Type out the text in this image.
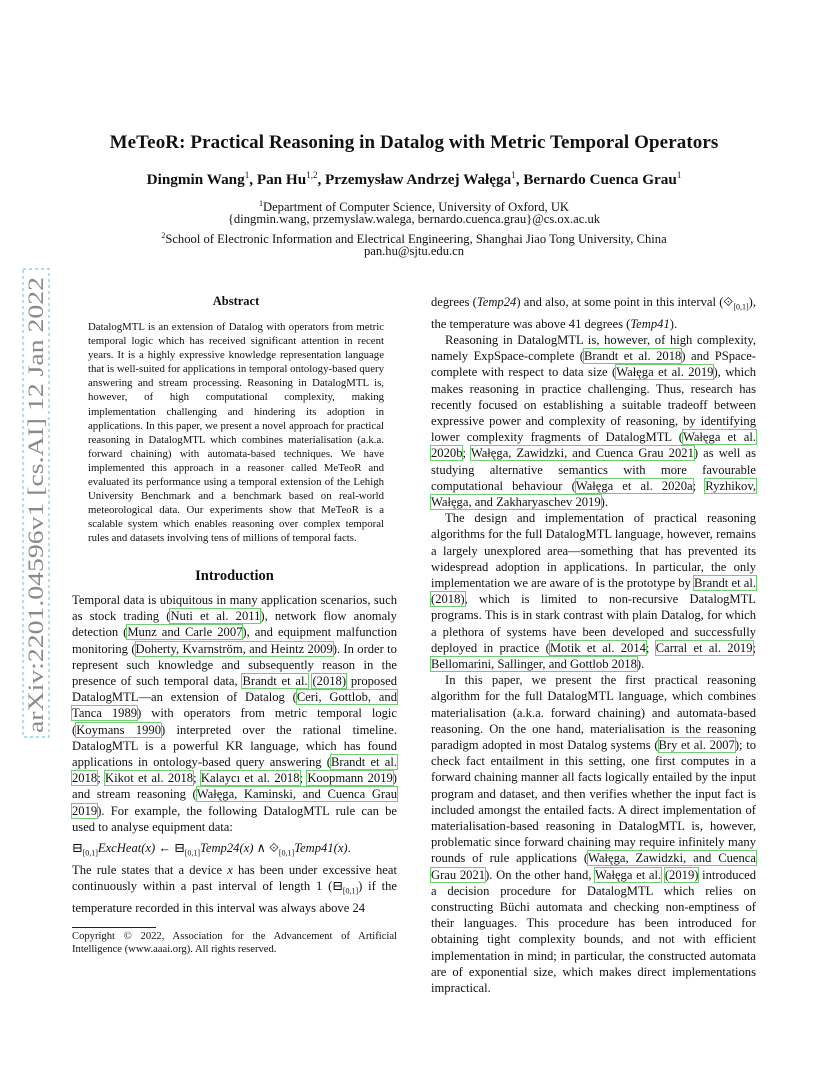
arXiv:2201.04596v1 [cs.AI] 12 Jan 2022
MeTeoR: Practical Reasoning in Datalog with Metric Temporal Operators
Dingmin Wang$^1$, Pan Hu$^{1,2}$, Przemysław Andrzej Wałęga$^1$, Bernardo Cuenca Grau$^1$
$^1$Department of Computer Science, University of Oxford, UK
{dingmin.wang, przemyslaw.walega, bernardo.cuenca.grau}@cs.ox.ac.uk
$^2$School of Electronic Information and Electrical Engineering, Shanghai Jiao Tong University, China
pan.hu@sjtu.edu.cn
Abstract
DatalogMTL is an extension of Datalog with operators from metric temporal logic which has received significant attention in recent years. It is a highly expressive knowledge representation language that is well-suited for applications in temporal ontology-based query answering and stream processing. Reasoning in DatalogMTL is, however, of high computational complexity, making implementation challenging and hindering its adoption in applications. In this paper, we present a novel approach for practical reasoning in DatalogMTL which combines materialisation (a.k.a. forward chaining) with automata-based techniques. We have implemented this approach in a reasoner called MeTeoR and evaluated its performance using a temporal extension of the Lehigh University Benchmark and a benchmark based on real-world meteorological data. Our experiments show that MeTeoR is a scalable system which enables reasoning over complex temporal rules and datasets involving tens of millions of temporal facts.
Introduction

Temporal data is ubiquitous in many application scenarios, such as stock trading (Nuti et al. 2011), network flow anomaly detection (Munz and Carle 2007), and equipment malfunction monitoring (Doherty, Kvarnström, and Heintz 2009). In order to represent such knowledge and subsequently reason in the presence of such temporal data, Brandt et al. (2018) proposed DatalogMTL—an extension of Datalog (Ceri, Gottlob, and Tanca 1989) with operators from metric temporal logic (Koymans 1990) interpreted over the rational timeline. DatalogMTL is a powerful KR language, which has found applications in ontology-based query answering (Brandt et al. 2018; Kikot et al. 2018; Kalaycı et al. 2018; Koopmann 2019) and stream reasoning (Wałęga, Kaminski, and Cuenca Grau 2019). For example, the following DatalogMTL rule can be used to analyse equipment data:

$⊟_{[0,1]}ExcHeat(x)$ ← $⊟_{[0,1]}Temp24(x)$ ∧ $⟐_{[0,1]}Temp41(x)$.

The rule states that a device x has been under excessive heat continuously within a past interval of length 1 $(⊟_{[0,1]})$ if the temperature recorded in this interval was always above 24

Copyright © 2022, Association for the Advancement of Artificial Intelligence (www.aaai.org). All rights reserved.

degrees (Temp24) and also, at some point in this interval $(⟐_{[0,1]})$, the temperature was above 41 degrees (Temp41).

Reasoning in DatalogMTL is, however, of high complexity, namely ExpSpace-complete (Brandt et al. 2018) and PSpace-complete with respect to data size (Wałęga et al. 2019), which makes reasoning in practice challenging. Thus, research has recently focused on establishing a suitable tradeoff between expressive power and complexity of reasoning, by identifying lower complexity fragments of DatalogMTL (Wałęga et al. 2020b; Wałęga, Zawidzki, and Cuenca Grau 2021) as well as studying alternative semantics with more favourable computational behaviour (Wałęga et al. 2020a; Ryzhikov, Wałęga, and Zakharyaschev 2019).

The design and implementation of practical reasoning algorithms for the full DatalogMTL language, however, remains a largely unexplored area—something that has prevented its widespread adoption in applications. In particular, the only implementation we are aware of is the prototype by Brandt et al. (2018), which is limited to non-recursive DatalogMTL programs. This is in stark contrast with plain Datalog, for which a plethora of systems have been developed and successfully deployed in practice (Motik et al. 2014; Carral et al. 2019; Bellomarini, Sallinger, and Gottlob 2018).

In this paper, we present the first practical reasoning algorithm for the full DatalogMTL language, which combines materialisation (a.k.a. forward chaining) and automata-based reasoning. On the one hand, materialisation is the reasoning paradigm adopted in most Datalog systems (Bry et al. 2007); to check fact entailment in this setting, one first computes in a forward chaining manner all facts logically entailed by the input program and dataset, and then verifies whether the input fact is included amongst the entailed facts. A direct implementation of materialisation-based reasoning in DatalogMTL is, however, problematic since forward chaining may require infinitely many rounds of rule applications (Wałęga, Zawidzki, and Cuenca Grau 2021). On the other hand, Wałęga et al. (2019) introduced a decision procedure for DatalogMTL which relies on constructing Büchi automata and checking non-emptiness of their languages. This procedure has been introduced for obtaining tight complexity bounds, and not with efficient implementation in mind; in particular, the constructed automata are of exponential size, which makes direct implementations impractical.
